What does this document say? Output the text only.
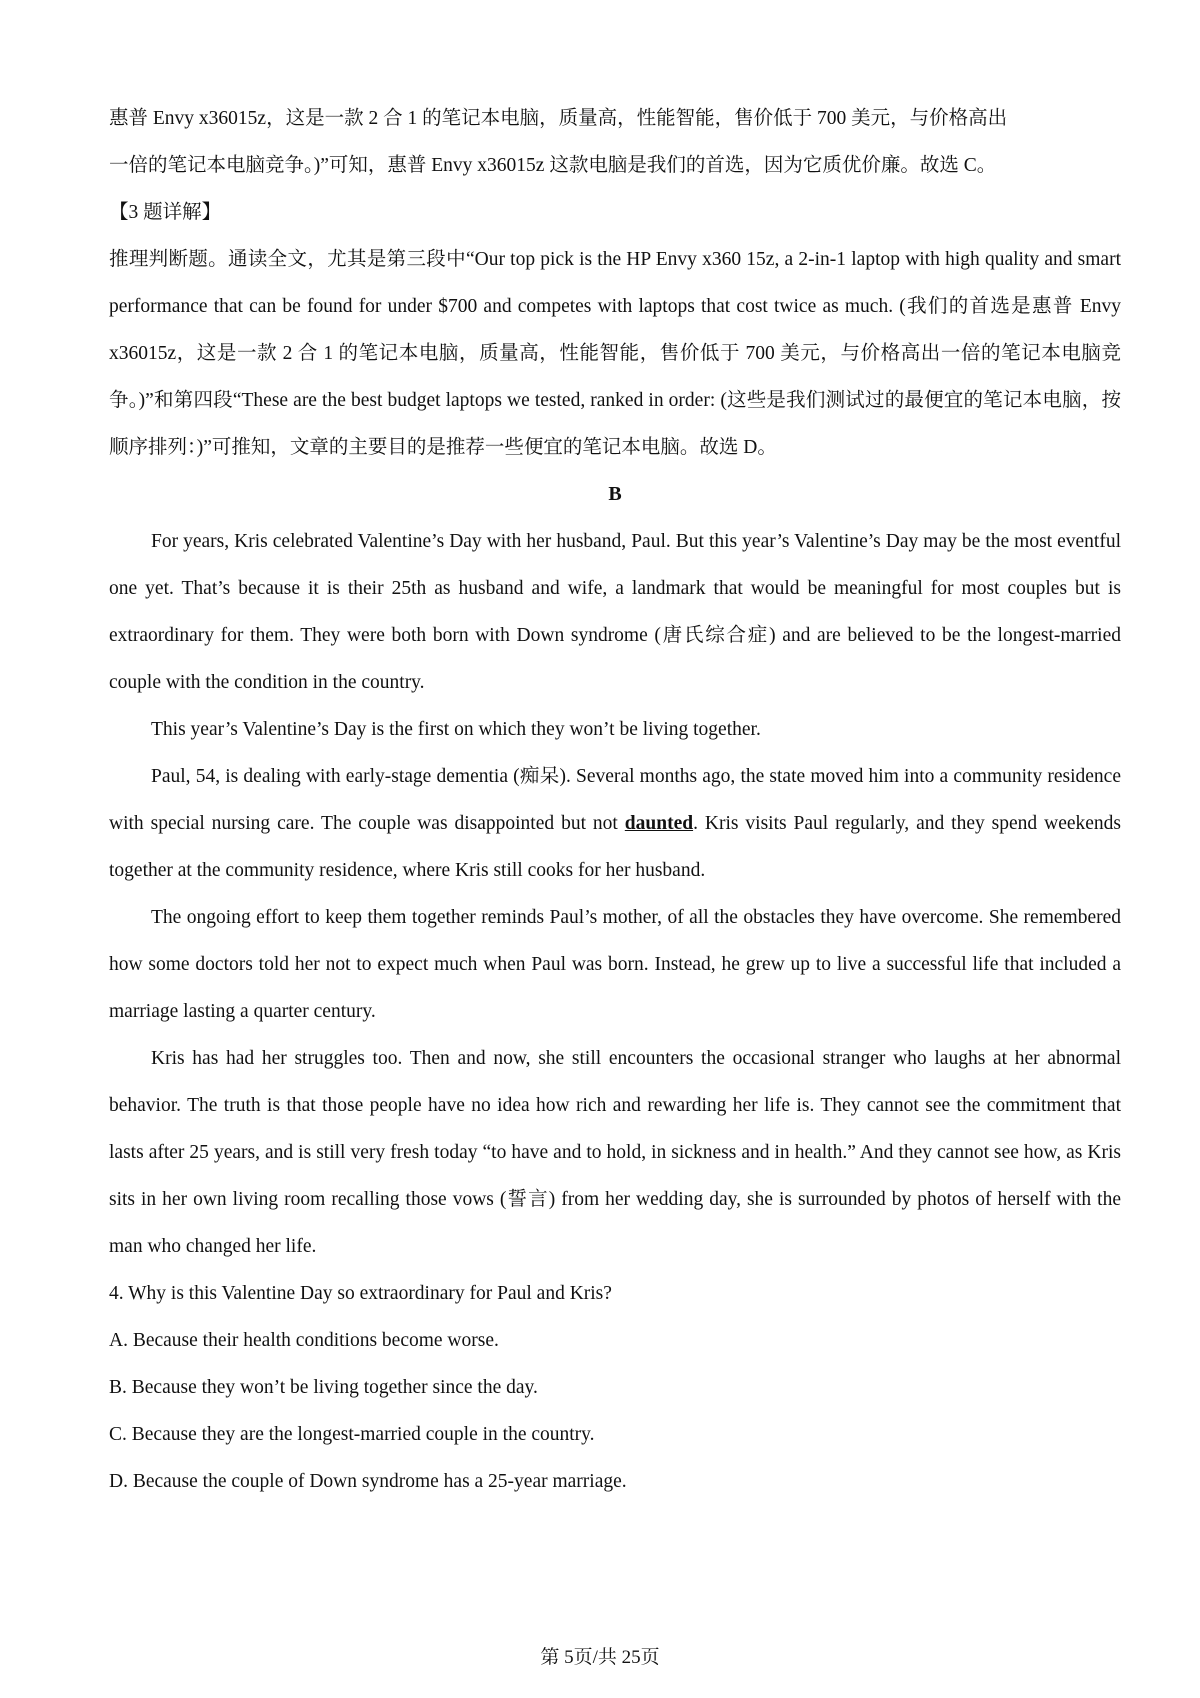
惠普 Envy x36015z，这是一款 2 合 1 的笔记本电脑，质量高，性能智能，售价低于 700 美元，与价格高出

一倍的笔记本电脑竞争。)”可知，惠普 Envy x36015z 这款电脑是我们的首选，因为它质优价廉。故选 C。

【3 题详解】

推理判断题。通读全文，尤其是第三段中“Our top pick is the HP Envy x360 15z, a 2-in-1 laptop with high quality and smart performance that can be found for under $700 and competes with laptops that cost twice as much. (我们的首选是惠普 Envy x36015z，这是一款 2 合 1 的笔记本电脑，质量高，性能智能，售价低于 700 美元，与价格高出一倍的笔记本电脑竞争。)”和第四段“These are the best budget laptops we tested, ranked in order: (这些是我们测试过的最便宜的笔记本电脑，按顺序排列：)”可推知，文章的主要目的是推荐一些便宜的笔记本电脑。故选 D。

B

For years, Kris celebrated Valentine’s Day with her husband, Paul. But this year’s Valentine’s Day may be the most eventful one yet. That’s because it is their 25th as husband and wife, a landmark that would be meaningful for most couples but is extraordinary for them. They were both born with Down syndrome (唐氏综合症) and are believed to be the longest-married couple with the condition in the country.

This year’s Valentine’s Day is the first on which they won’t be living together.

Paul, 54, is dealing with early-stage dementia (痴呆). Several months ago, the state moved him into a community residence with special nursing care. The couple was disappointed but not daunted. Kris visits Paul regularly, and they spend weekends together at the community residence, where Kris still cooks for her husband.

The ongoing effort to keep them together reminds Paul’s mother, of all the obstacles they have overcome. She remembered how some doctors told her not to expect much when Paul was born. Instead, he grew up to live a successful life that included a marriage lasting a quarter century.

Kris has had her struggles too. Then and now, she still encounters the occasional stranger who laughs at her abnormal behavior. The truth is that those people have no idea how rich and rewarding her life is. They cannot see the commitment that lasts after 25 years, and is still very fresh today “to have and to hold, in sickness and in health.” And they cannot see how, as Kris sits in her own living room recalling those vows (誓言) from her wedding day, she is surrounded by photos of herself with the man who changed her life.

4. Why is this Valentine Day so extraordinary for Paul and Kris?

A. Because their health conditions become worse.

B. Because they won’t be living together since the day.

C. Because they are the longest-married couple in the country.

D. Because the couple of Down syndrome has a 25-year marriage.

第 5页/共 25页
